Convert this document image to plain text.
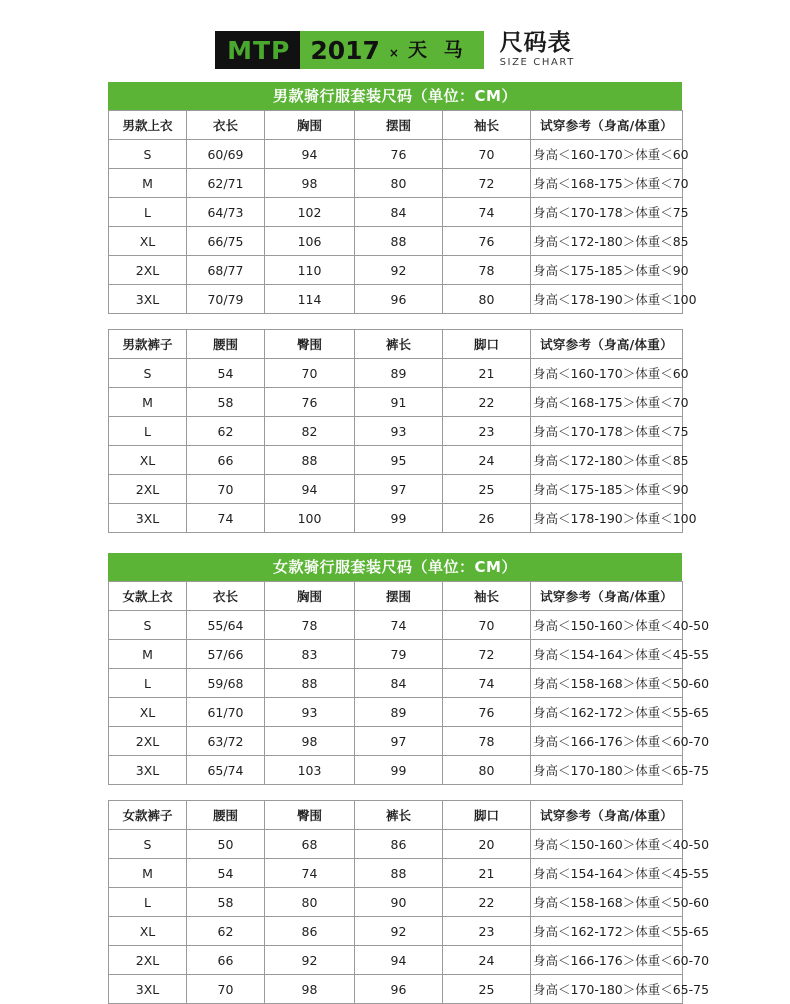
MTP 2017 × 天 马 尺码表
SIZE CHART
男款骑行服套装尺码（单位：CM）
男款上衣	衣长	胸围	摆围	袖长	试穿参考（身高/体重）
S	60/69	94	76	70	身高＜160-170＞体重＜60
M	62/71	98	80	72	身高＜168-175＞体重＜70
L	64/73	102	84	74	身高＜170-178＞体重＜75
XL	66/75	106	88	76	身高＜172-180＞体重＜85
2XL	68/77	110	92	78	身高＜175-185＞体重＜90
3XL	70/79	114	96	80	身高＜178-190＞体重＜100
男款裤子	腰围	臀围	裤长	脚口	试穿参考（身高/体重）
S	54	70	89	21	身高＜160-170＞体重＜60
M	58	76	91	22	身高＜168-175＞体重＜70
L	62	82	93	23	身高＜170-178＞体重＜75
XL	66	88	95	24	身高＜172-180＞体重＜85
2XL	70	94	97	25	身高＜175-185＞体重＜90
3XL	74	100	99	26	身高＜178-190＞体重＜100
女款骑行服套装尺码（单位：CM）
女款上衣	衣长	胸围	摆围	袖长	试穿参考（身高/体重）
S	55/64	78	74	70	身高＜150-160＞体重＜40-50
M	57/66	83	79	72	身高＜154-164＞体重＜45-55
L	59/68	88	84	74	身高＜158-168＞体重＜50-60
XL	61/70	93	89	76	身高＜162-172＞体重＜55-65
2XL	63/72	98	97	78	身高＜166-176＞体重＜60-70
3XL	65/74	103	99	80	身高＜170-180＞体重＜65-75
女款裤子	腰围	臀围	裤长	脚口	试穿参考（身高/体重）
S	50	68	86	20	身高＜150-160＞体重＜40-50
M	54	74	88	21	身高＜154-164＞体重＜45-55
L	58	80	90	22	身高＜158-168＞体重＜50-60
XL	62	86	92	23	身高＜162-172＞体重＜55-65
2XL	66	92	94	24	身高＜166-176＞体重＜60-70
3XL	70	98	96	25	身高＜170-180＞体重＜65-75
